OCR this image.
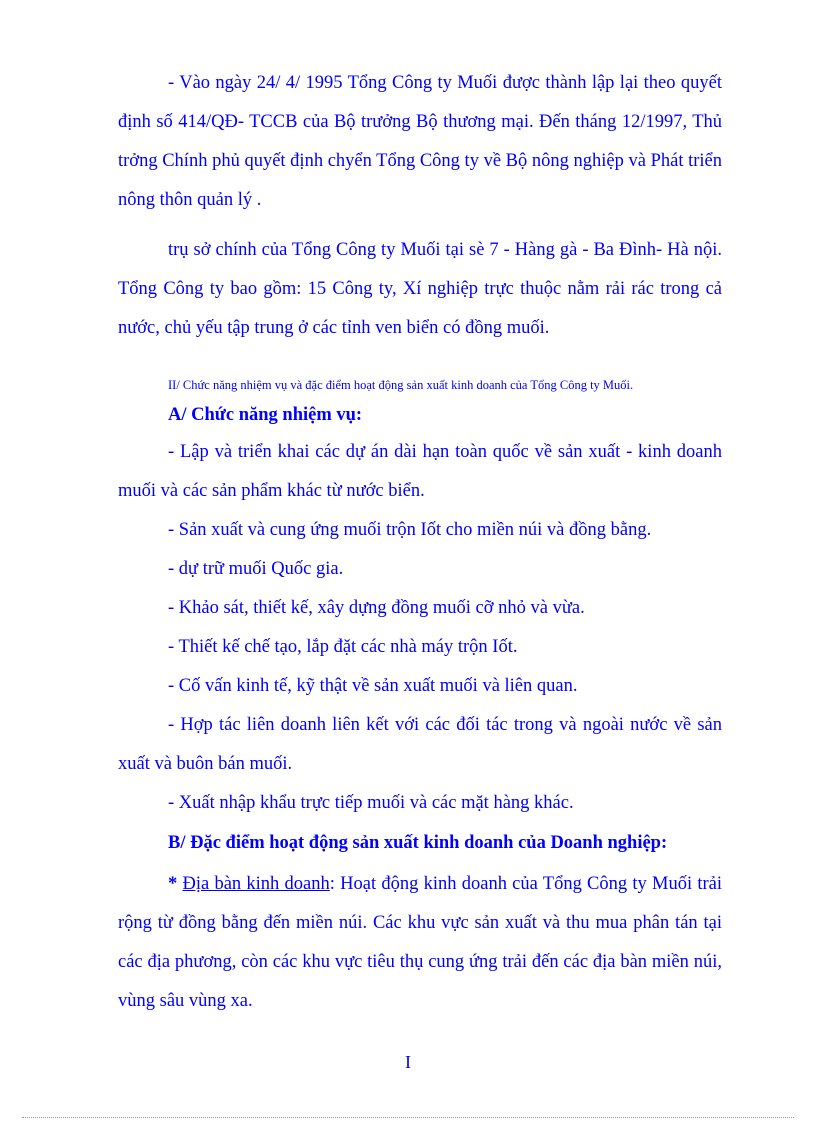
- Vào ngày 24/ 4/ 1995 Tổng Công ty Muối được thành lập lại theo quyết định số 414/QĐ- TCCB của Bộ trưởng Bộ thương mại. Đến tháng 12/1997, Thủ trởng Chính phủ quyết định chyển Tổng Công ty về Bộ nông nghiệp và Phát triển nông thôn quản lý .

trụ sở chính của Tổng Công ty Muối tại sè 7 - Hàng gà - Ba Đình- Hà nội. Tổng Công ty bao gồm: 15 Công ty, Xí nghiệp trực thuộc nằm rải rác trong cả nước, chủ yếu tập trung ở các tỉnh ven biển có đồng muối.

II/ Chức năng nhiệm vụ và đặc điểm hoạt động sản xuất kinh doanh của Tổng Công ty Muối.

A/ Chức năng nhiệm vụ:

- Lập và triển khai các dự án dài hạn toàn quốc về sản xuất - kinh doanh muối và các sản phẩm khác từ nước biển.

- Sản xuất và cung ứng muối trộn Iốt cho miền núi và đồng bằng.

- dự trữ muối Quốc gia.

- Khảo sát, thiết kế, xây dựng đồng muối cỡ nhỏ và vừa.

- Thiết kế chế tạo, lắp đặt các nhà máy trộn Iốt.

- Cố vấn kinh tế, kỹ thật về sản xuất muối và liên quan.

- Hợp tác liên doanh liên kết với các đối tác trong và ngoài nước về sản xuất và buôn bán muối.

- Xuất nhập khẩu trực tiếp muối và các mặt hàng khác.

B/ Đặc điểm hoạt động sản xuất kinh doanh của Doanh nghiệp:

* Địa bàn kinh doanh: Hoạt động kinh doanh của Tổng Công ty Muối trải rộng từ đồng bằng đến miền núi. Các khu vực sản xuất và thu mua phân tán tại các địa phương, còn các khu vực tiêu thụ cung ứng trải đến các địa bàn miền núi, vùng sâu vùng xa.

I
